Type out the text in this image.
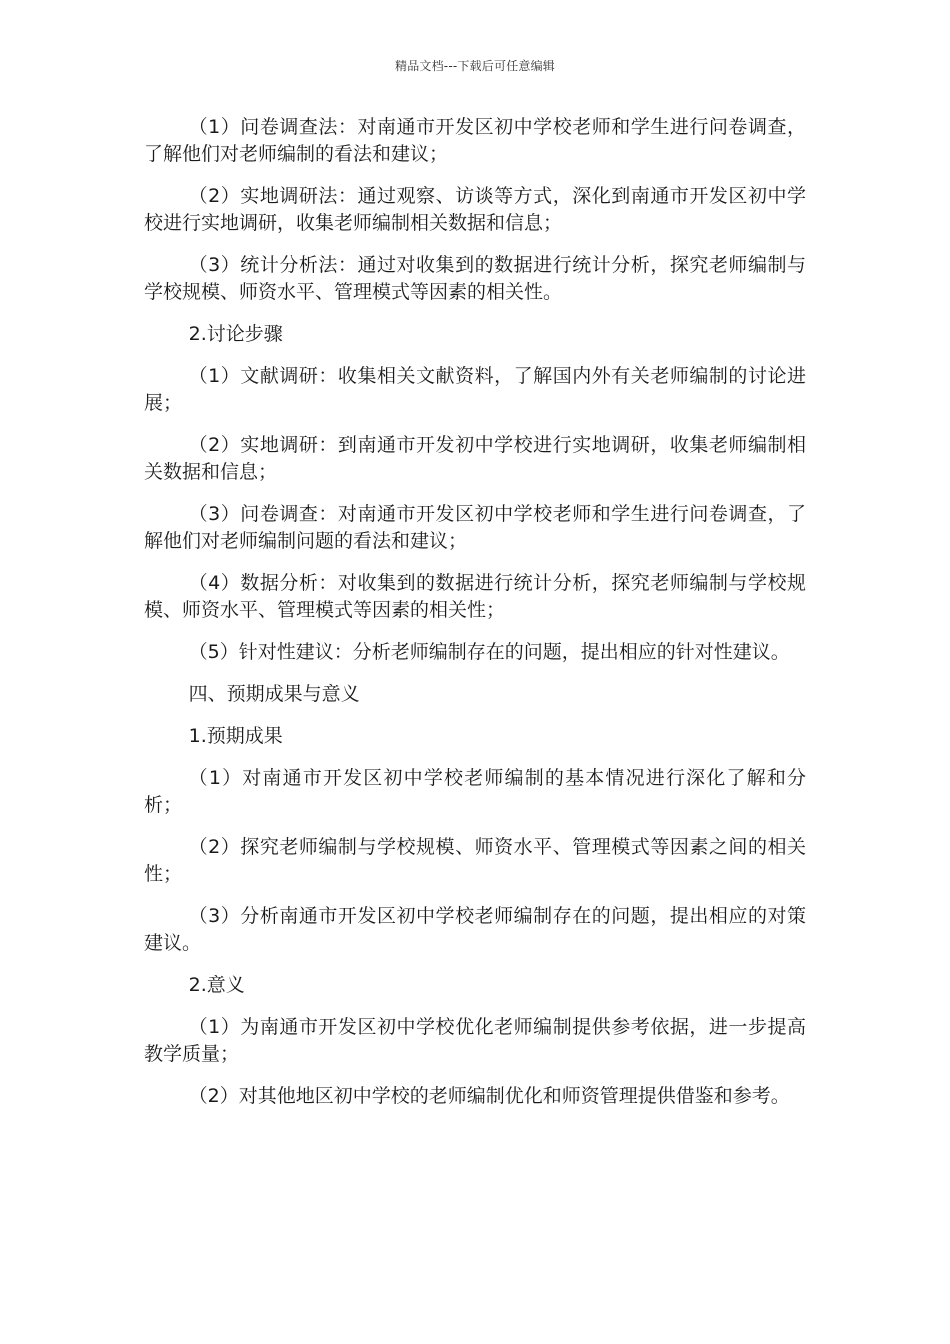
精品文档---下载后可任意编辑

（1）问卷调查法：对南通市开发区初中学校老师和学生进行问卷调查，了解他们对老师编制的看法和建议；

（2）实地调研法：通过观察、访谈等方式，深化到南通市开发区初中学校进行实地调研，收集老师编制相关数据和信息；

（3）统计分析法：通过对收集到的数据进行统计分析，探究老师编制与学校规模、师资水平、管理模式等因素的相关性。

2.讨论步骤

（1）文献调研：收集相关文献资料，了解国内外有关老师编制的讨论进展；

（2）实地调研：到南通市开发初中学校进行实地调研，收集老师编制相关数据和信息；

（3）问卷调查：对南通市开发区初中学校老师和学生进行问卷调查，了解他们对老师编制问题的看法和建议；

（4）数据分析：对收集到的数据进行统计分析，探究老师编制与学校规模、师资水平、管理模式等因素的相关性；

（5）针对性建议：分析老师编制存在的问题，提出相应的针对性建议。

四、预期成果与意义

1.预期成果

（1）对南通市开发区初中学校老师编制的基本情况进行深化了解和分析；

（2）探究老师编制与学校规模、师资水平、管理模式等因素之间的相关性；

（3）分析南通市开发区初中学校老师编制存在的问题，提出相应的对策建议。

2.意义

（1）为南通市开发区初中学校优化老师编制提供参考依据，进一步提高教学质量；

（2）对其他地区初中学校的老师编制优化和师资管理提供借鉴和参考。
